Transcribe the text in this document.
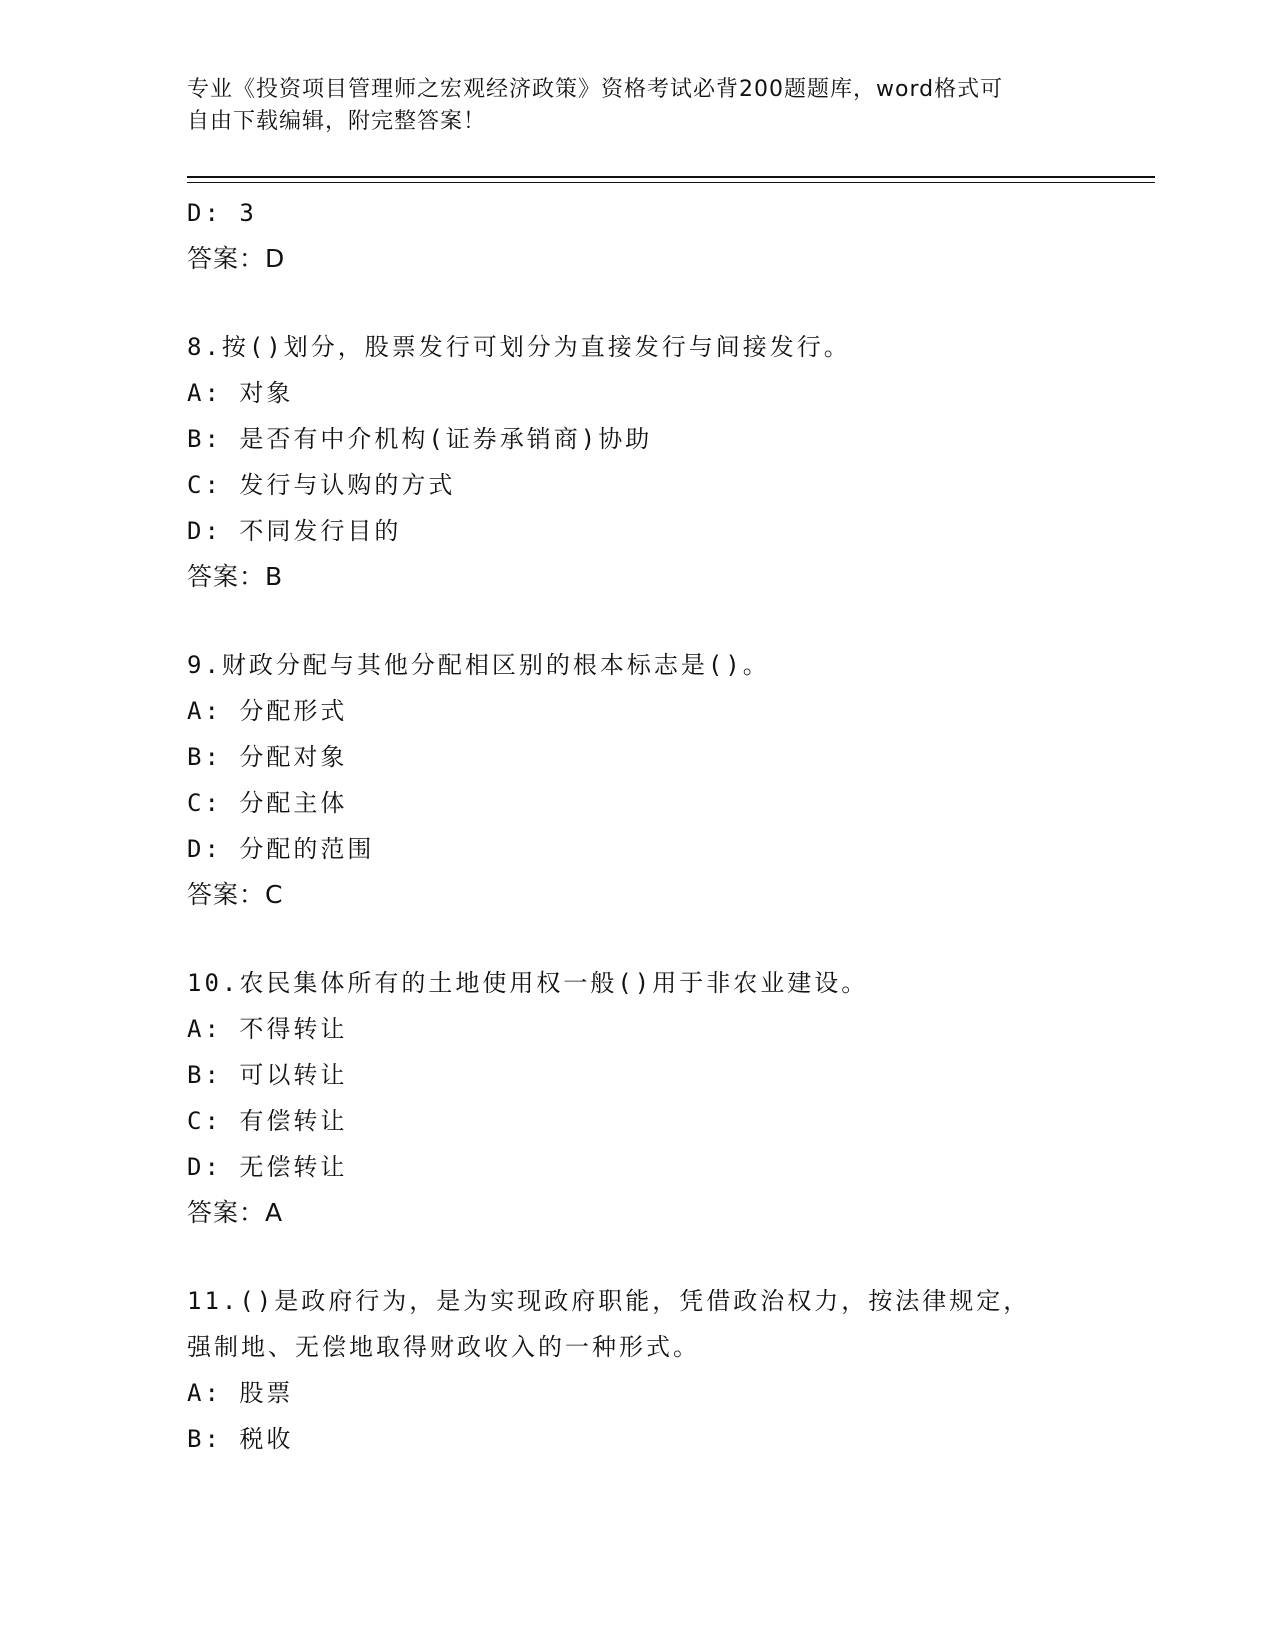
专业《投资项目管理师之宏观经济政策》资格考试必背200题题库，word格式可
自由下载编辑，附完整答案！
D: 3
答案：D
8.按()划分，股票发行可划分为直接发行与间接发行。
A: 对象
B: 是否有中介机构(证券承销商)协助
C: 发行与认购的方式
D: 不同发行目的
答案：B
9.财政分配与其他分配相区别的根本标志是()。
A: 分配形式
B: 分配对象
C: 分配主体
D: 分配的范围
答案：C
10.农民集体所有的土地使用权一般()用于非农业建设。
A: 不得转让
B: 可以转让
C: 有偿转让
D: 无偿转让
答案：A
11.()是政府行为，是为实现政府职能，凭借政治权力，按法律规定，
强制地、无偿地取得财政收入的一种形式。
A: 股票
B: 税收
